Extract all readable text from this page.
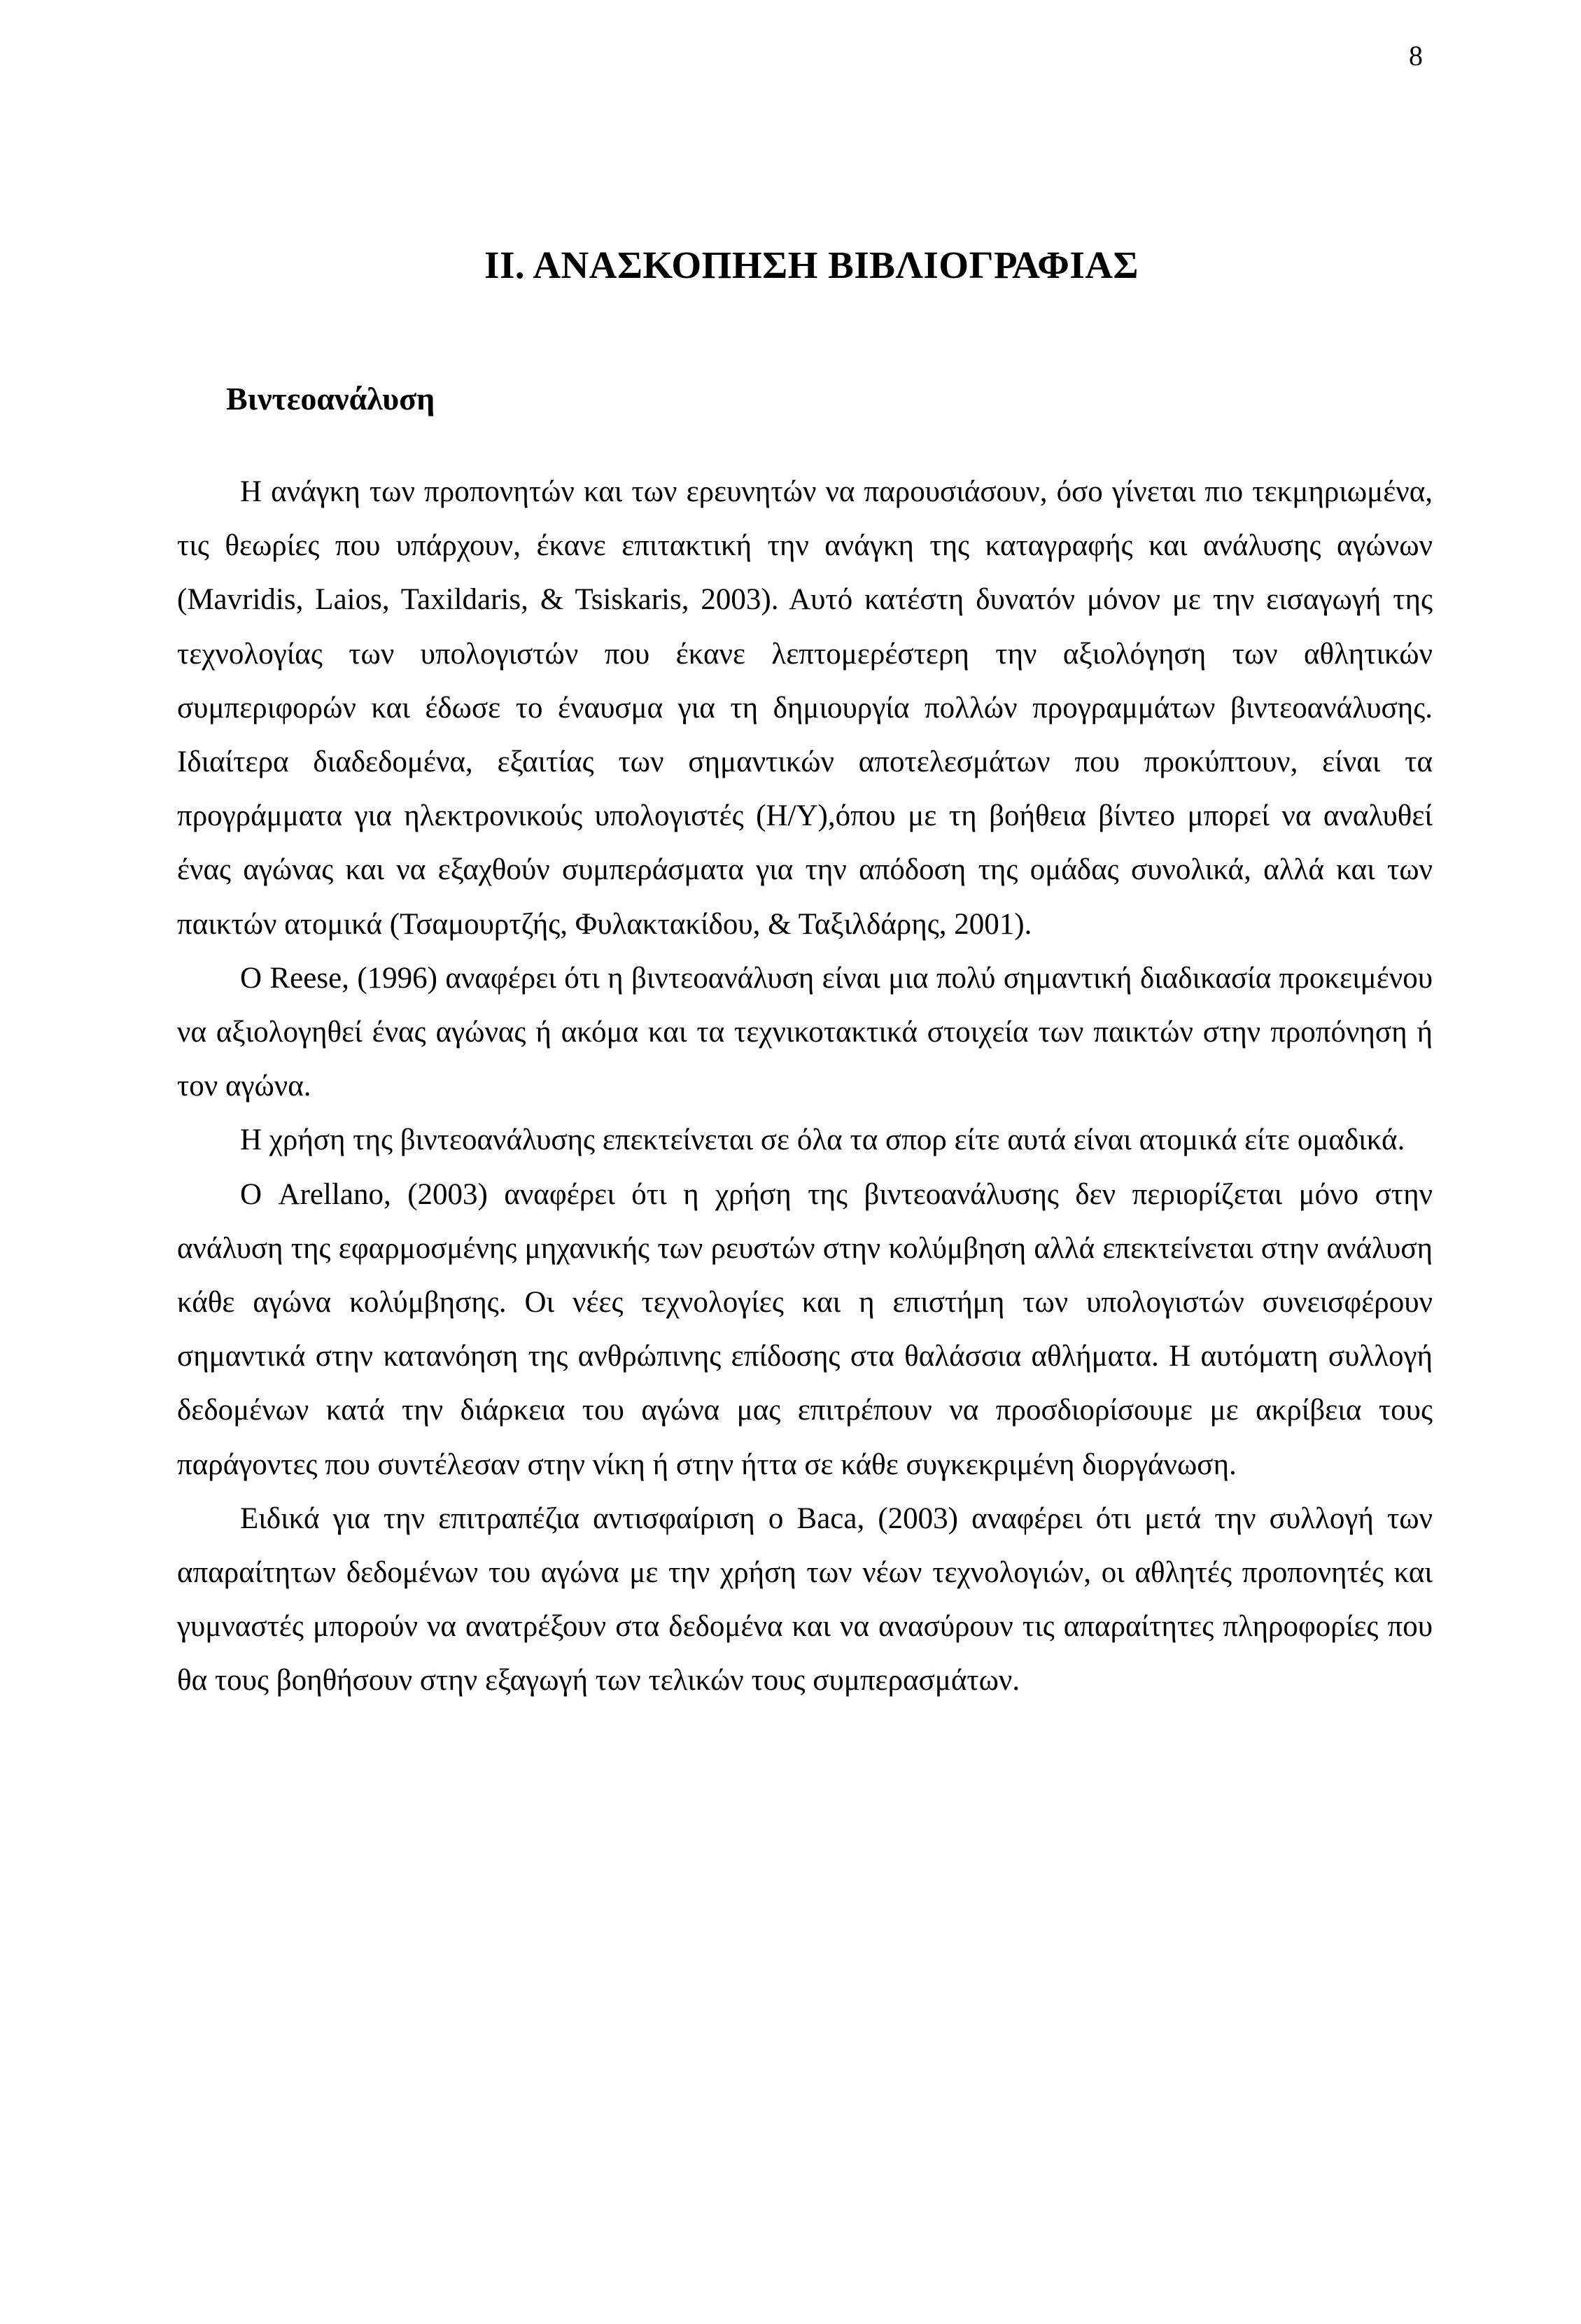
8
ΙΙ. ΑΝΑΣΚΟΠΗΣΗ ΒΙΒΛΙΟΓΡΑΦΙΑΣ
Βιντεοανάλυση

Η ανάγκη των προπονητών και των ερευνητών να παρουσιάσουν, όσο γίνεται πιο τεκμηριωμένα, τις θεωρίες που υπάρχουν, έκανε επιτακτική την ανάγκη της καταγραφής και ανάλυσης αγώνων (Mavridis, Laios, Taxildaris, & Tsiskaris, 2003). Αυτό κατέστη δυνατόν μόνον με την εισαγωγή της τεχνολογίας των υπολογιστών που έκανε λεπτομερέστερη την αξιολόγηση των αθλητικών συμπεριφορών και έδωσε το έναυσμα για τη δημιουργία πολλών προγραμμάτων βιντεοανάλυσης. Ιδιαίτερα διαδεδομένα, εξαιτίας των σημαντικών αποτελεσμάτων που προκύπτουν, είναι τα προγράμματα για ηλεκτρονικούς υπολογιστές (Η/Υ),όπου με τη βοήθεια βίντεο μπορεί να αναλυθεί ένας αγώνας και να εξαχθούν συμπεράσματα για την απόδοση της ομάδας συνολικά, αλλά και των παικτών ατομικά (Τσαμουρτζής, Φυλακτακίδου, & Ταξιλδάρης, 2001).

Ο Reese, (1996) αναφέρει ότι η βιντεοανάλυση είναι μια πολύ σημαντική διαδικασία προκειμένου να αξιολογηθεί ένας αγώνας ή ακόμα και τα τεχνικοτακτικά στοιχεία των παικτών στην προπόνηση ή τον αγώνα.

Η χρήση της βιντεοανάλυσης επεκτείνεται σε όλα τα σπορ είτε αυτά είναι ατομικά είτε ομαδικά.

Ο Arellano, (2003) αναφέρει ότι η χρήση της βιντεοανάλυσης δεν περιορίζεται μόνο στην ανάλυση της εφαρμοσμένης μηχανικής των ρευστών στην κολύμβηση αλλά επεκτείνεται στην ανάλυση κάθε αγώνα κολύμβησης. Οι νέες τεχνολογίες και η επιστήμη των υπολογιστών συνεισφέρουν σημαντικά στην κατανόηση της ανθρώπινης επίδοσης στα θαλάσσια αθλήματα. Η αυτόματη συλλογή δεδομένων κατά την διάρκεια του αγώνα μας επιτρέπουν να προσδιορίσουμε με ακρίβεια τους παράγοντες που συντέλεσαν στην νίκη ή στην ήττα σε κάθε συγκεκριμένη διοργάνωση.

Ειδικά για την επιτραπέζια αντισφαίριση ο Baca, (2003) αναφέρει ότι μετά την συλλογή των απαραίτητων δεδομένων του αγώνα με την χρήση των νέων τεχνολογιών, οι αθλητές προπονητές και γυμναστές μπορούν να ανατρέξουν στα δεδομένα και να ανασύρουν τις απαραίτητες πληροφορίες που θα τους βοηθήσουν στην εξαγωγή των τελικών τους συμπερασμάτων.
